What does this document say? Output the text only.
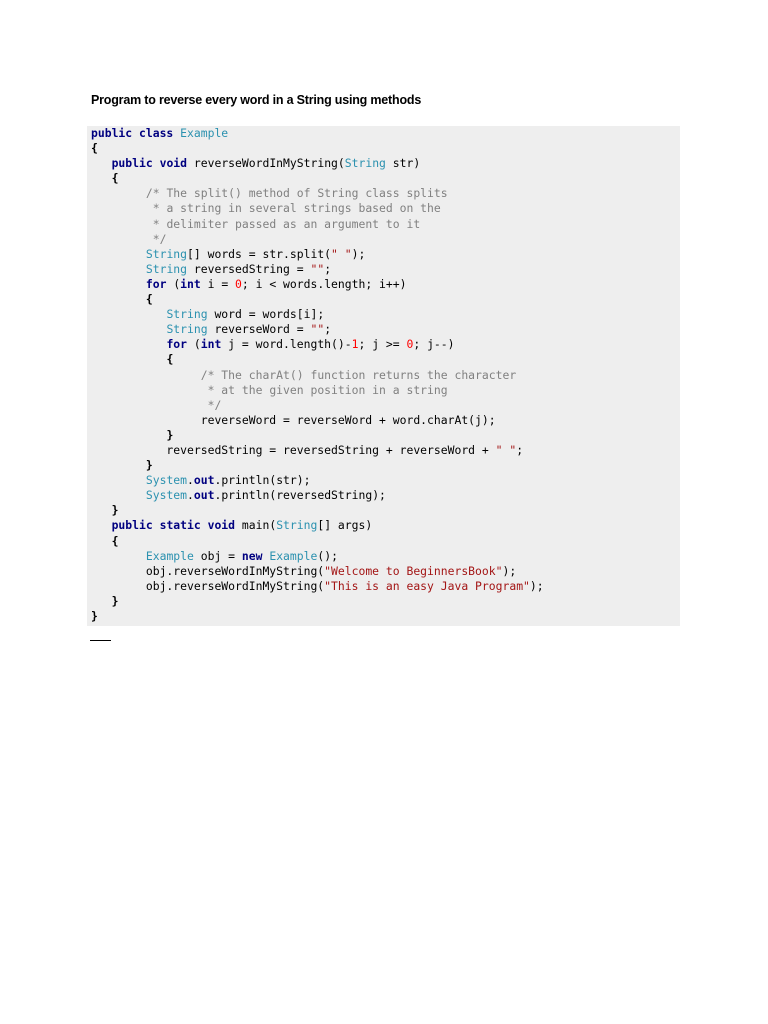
Program to reverse every word in a String using methods
public class Example
{
public void reverseWordInMyString(String str)
{
/* The split() method of String class splits
* a string in several strings based on the
* delimiter passed as an argument to it
*/
String[] words = str.split(" ");
String reversedString = "";
for (int i = 0; i < words.length; i++)
{
String word = words[i];
String reverseWord = "";
for (int j = word.length()-1; j >= 0; j--)
{
/* The charAt() function returns the character
* at the given position in a string
*/
reverseWord = reverseWord + word.charAt(j);
}
reversedString = reversedString + reverseWord + " ";
}
System.out.println(str);
System.out.println(reversedString);
}
public static void main(String[] args)
{
Example obj = new Example();
obj.reverseWordInMyString("Welcome to BeginnersBook");
obj.reverseWordInMyString("This is an easy Java Program");
}
}
